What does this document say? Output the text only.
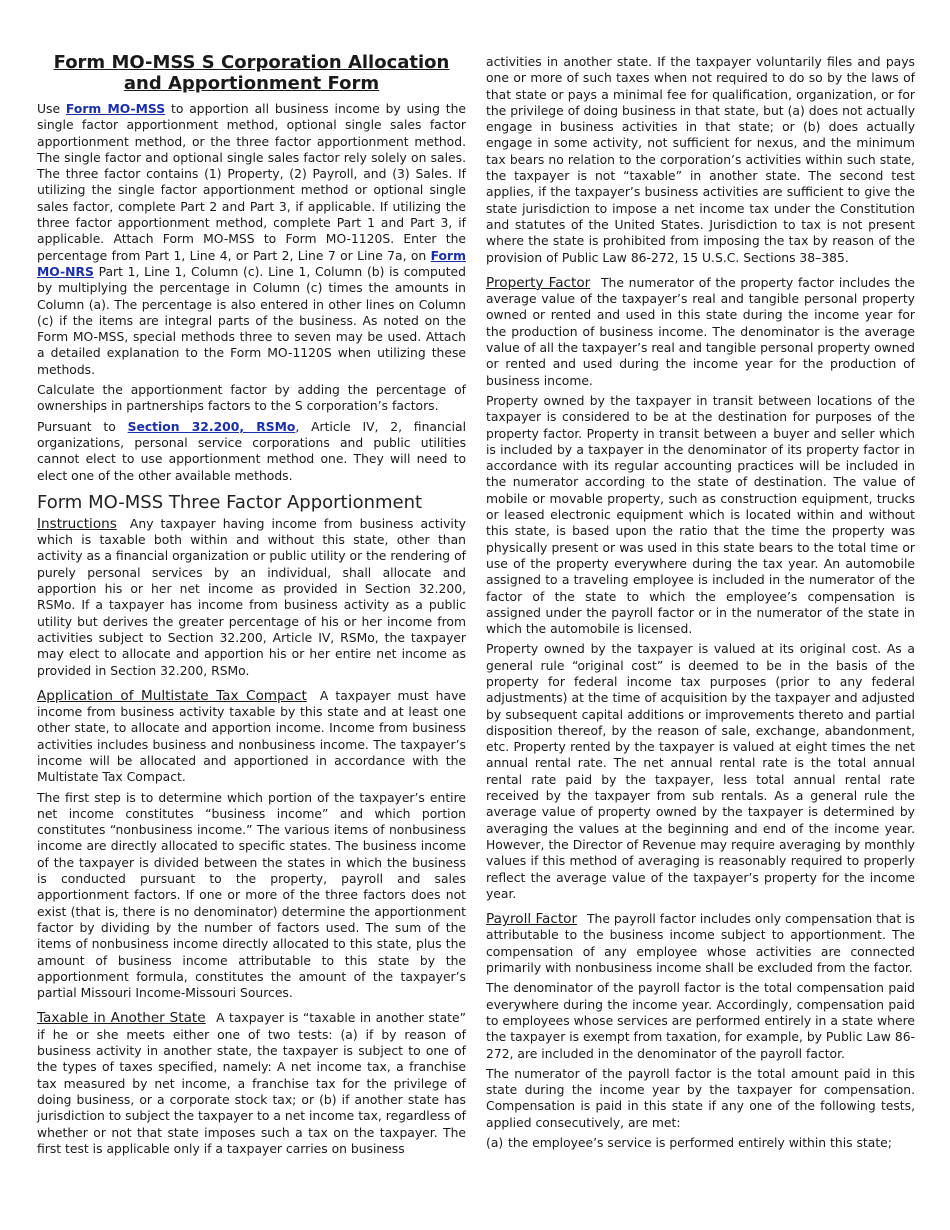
Form MO-MSS S Corporation Allocation
and Apportionment Form

Use Form MO-MSS to apportion all business income by using the single factor apportionment method, optional single sales factor apportionment method, or the three factor apportionment method. The single factor and optional single sales factor rely solely on sales. The three factor contains (1) Property, (2) Payroll, and (3) Sales. If utilizing the single factor apportionment method or optional single sales factor, complete Part 2 and Part 3, if applicable. If utilizing the three factor apportionment method, complete Part 1 and Part 3, if applicable. Attach Form MO-MSS to Form MO-1120S. Enter the percentage from Part 1, Line 4, or Part 2, Line 7 or Line 7a, on Form MO-NRS Part 1, Line 1, Column (c). Line 1, Column (b) is computed by multiplying the percentage in Column (c) times the amounts in Column (a). The percentage is also entered in other lines on Column (c) if the items are integral parts of the business. As noted on the Form MO-MSS, special methods three to seven may be used. Attach a detailed explanation to the Form MO-1120S when utilizing these methods.

Calculate the apportionment factor by adding the percentage of ownerships in partnerships factors to the S corporation’s factors.

Pursuant to Section 32.200, RSMo, Article IV, 2, financial organizations, personal service corporations and public utilities cannot elect to use apportionment method one. They will need to elect one of the other available methods.

Form MO-MSS Three Factor Apportionment

Instructions Any taxpayer having income from business activity which is taxable both within and without this state, other than activity as a financial organization or public utility or the rendering of purely personal services by an individual, shall allocate and apportion his or her net income as provided in Section 32.200, RSMo. If a taxpayer has income from business activity as a public utility but derives the greater percentage of his or her income from activities subject to Section 32.200, Article IV, RSMo, the taxpayer may elect to allocate and apportion his or her entire net income as provided in Section 32.200, RSMo.

Application of Multistate Tax Compact A taxpayer must have income from business activity taxable by this state and at least one other state, to allocate and apportion income. Income from business activities includes business and nonbusiness income. The taxpayer’s income will be allocated and apportioned in accordance with the Multistate Tax Compact.

The first step is to determine which portion of the taxpayer’s entire net income constitutes “business income” and which portion constitutes “nonbusiness income.” The various items of nonbusiness income are directly allocated to specific states. The business income of the taxpayer is divided between the states in which the business is conducted pursuant to the property, payroll and sales apportionment factors. If one or more of the three factors does not exist (that is, there is no denominator) determine the apportionment factor by dividing by the number of factors used. The sum of the items of nonbusiness income directly allocated to this state, plus the amount of business income attributable to this state by the apportionment formula, constitutes the amount of the taxpayer’s partial Missouri Income-Missouri Sources.

Taxable in Another State A taxpayer is “taxable in another state” if he or she meets either one of two tests: (a) if by reason of business activity in another state, the taxpayer is subject to one of the types of taxes specified, namely: A net income tax, a franchise tax measured by net income, a franchise tax for the privilege of doing business, or a corporate stock tax; or (b) if another state has jurisdiction to subject the taxpayer to a net income tax, regardless of whether or not that state imposes such a tax on the taxpayer. The first test is applicable only if a taxpayer carries on business

activities in another state. If the taxpayer voluntarily files and pays one or more of such taxes when not required to do so by the laws of that state or pays a minimal fee for qualification, organization, or for the privilege of doing business in that state, but (a) does not actually engage in business activities in that state; or (b) does actually engage in some activity, not sufficient for nexus, and the minimum tax bears no relation to the corporation’s activities within such state, the taxpayer is not “taxable” in another state. The second test applies, if the taxpayer’s business activities are sufficient to give the state jurisdiction to impose a net income tax under the Constitution and statutes of the United States. Jurisdiction to tax is not present where the state is prohibited from imposing the tax by reason of the provision of Public Law 86-272, 15 U.S.C. Sections 38–385.

Property Factor The numerator of the property factor includes the average value of the taxpayer’s real and tangible personal property owned or rented and used in this state during the income year for the production of business income. The denominator is the average value of all the taxpayer’s real and tangible personal property owned or rented and used during the income year for the production of business income.

Property owned by the taxpayer in transit between locations of the taxpayer is considered to be at the destination for purposes of the property factor. Property in transit between a buyer and seller which is included by a taxpayer in the denominator of its property factor in accordance with its regular accounting practices will be included in the numerator according to the state of destination. The value of mobile or movable property, such as construction equipment, trucks or leased electronic equipment which is located within and without this state, is based upon the ratio that the time the property was physically present or was used in this state bears to the total time or use of the property everywhere during the tax year. An automobile assigned to a traveling employee is included in the numerator of the factor of the state to which the employee’s compensation is assigned under the payroll factor or in the numerator of the state in which the automobile is licensed.

Property owned by the taxpayer is valued at its original cost. As a general rule “original cost” is deemed to be in the basis of the property for federal income tax purposes (prior to any federal adjustments) at the time of acquisition by the taxpayer and adjusted by subsequent capital additions or improvements thereto and partial disposition thereof, by the reason of sale, exchange, abandonment, etc. Property rented by the taxpayer is valued at eight times the net annual rental rate. The net annual rental rate is the total annual rental rate paid by the taxpayer, less total annual rental rate received by the taxpayer from sub rentals. As a general rule the average value of property owned by the taxpayer is determined by averaging the values at the beginning and end of the income year. However, the Director of Revenue may require averaging by monthly values if this method of averaging is reasonably required to properly reflect the average value of the taxpayer’s property for the income year.

Payroll Factor The payroll factor includes only compensation that is attributable to the business income subject to apportionment. The compensation of any employee whose activities are connected primarily with nonbusiness income shall be excluded from the factor.

The denominator of the payroll factor is the total compensation paid everywhere during the income year. Accordingly, compensation paid to employees whose services are performed entirely in a state where the taxpayer is exempt from taxation, for example, by Public Law 86-272, are included in the denominator of the payroll factor.

The numerator of the payroll factor is the total amount paid in this state during the income year by the taxpayer for compensation. Compensation is paid in this state if any one of the following tests, applied consecutively, are met:

(a) the employee’s service is performed entirely within this state;
